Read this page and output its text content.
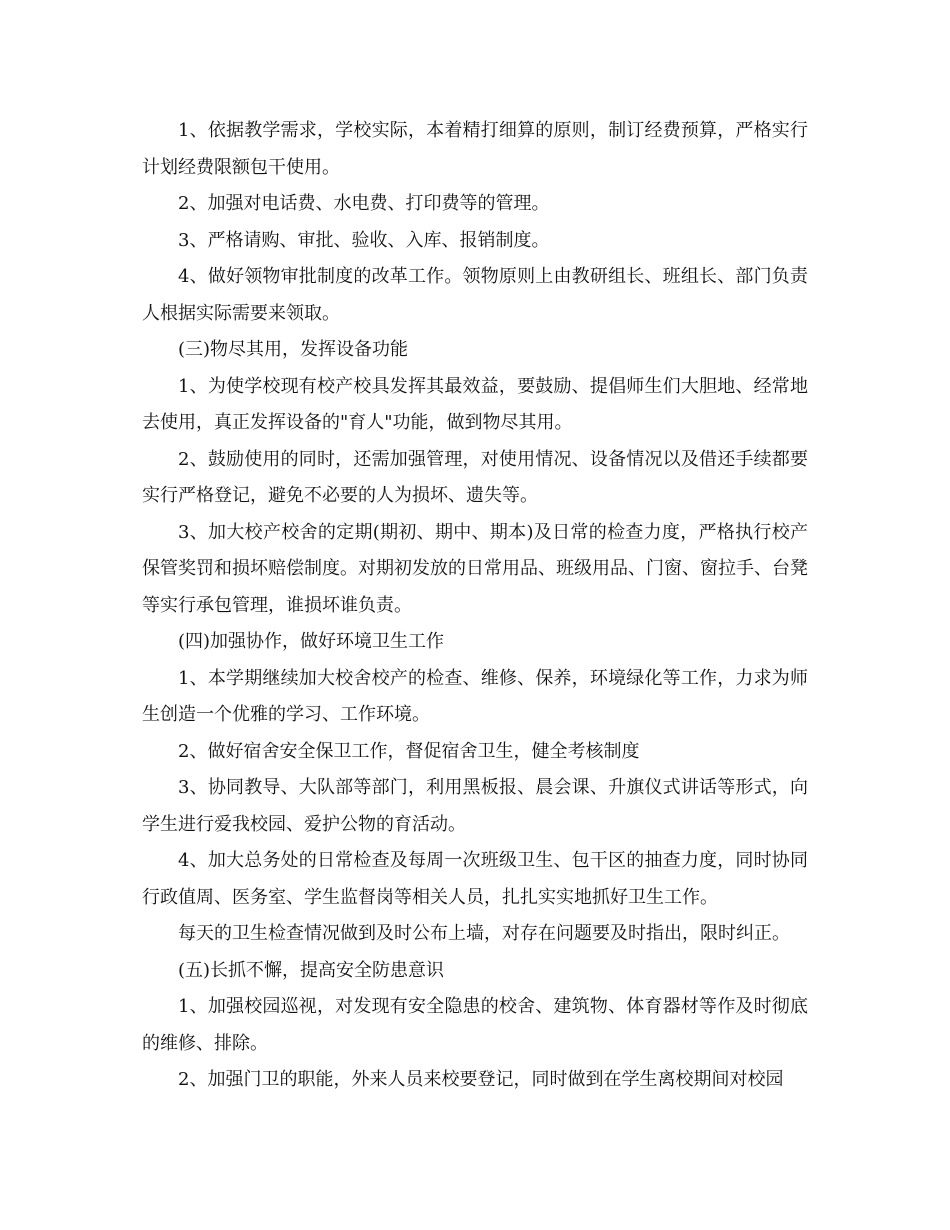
1、依据教学需求，学校实际，本着精打细算的原则，制订经费预算，严格实行计划经费限额包干使用。

2、加强对电话费、水电费、打印费等的管理。

3、严格请购、审批、验收、入库、报销制度。

4、做好领物审批制度的改革工作。领物原则上由教研组长、班组长、部门负责人根据实际需要来领取。

(三)物尽其用，发挥设备功能

1、为使学校现有校产校具发挥其最效益，要鼓励、提倡师生们大胆地、经常地去使用，真正发挥设备的"育人"功能，做到物尽其用。

2、鼓励使用的同时，还需加强管理，对使用情况、设备情况以及借还手续都要实行严格登记，避免不必要的人为损坏、遗失等。

3、加大校产校舍的定期(期初、期中、期本)及日常的检查力度，严格执行校产保管奖罚和损坏赔偿制度。对期初发放的日常用品、班级用品、门窗、窗拉手、台凳等实行承包管理，谁损坏谁负责。

(四)加强协作，做好环境卫生工作

1、本学期继续加大校舍校产的检查、维修、保养，环境绿化等工作，力求为师生创造一个优雅的学习、工作环境。

2、做好宿舍安全保卫工作，督促宿舍卫生，健全考核制度

3、协同教导、大队部等部门，利用黑板报、晨会课、升旗仪式讲话等形式，向学生进行爱我校园、爱护公物的育活动。

4、加大总务处的日常检查及每周一次班级卫生、包干区的抽查力度，同时协同行政值周、医务室、学生监督岗等相关人员，扎扎实实地抓好卫生工作。

每天的卫生检查情况做到及时公布上墙，对存在问题要及时指出，限时纠正。

(五)长抓不懈，提高安全防患意识

1、加强校园巡视，对发现有安全隐患的校舍、建筑物、体育器材等作及时彻底的维修、排除。

2、加强门卫的职能，外来人员来校要登记，同时做到在学生离校期间对校园
